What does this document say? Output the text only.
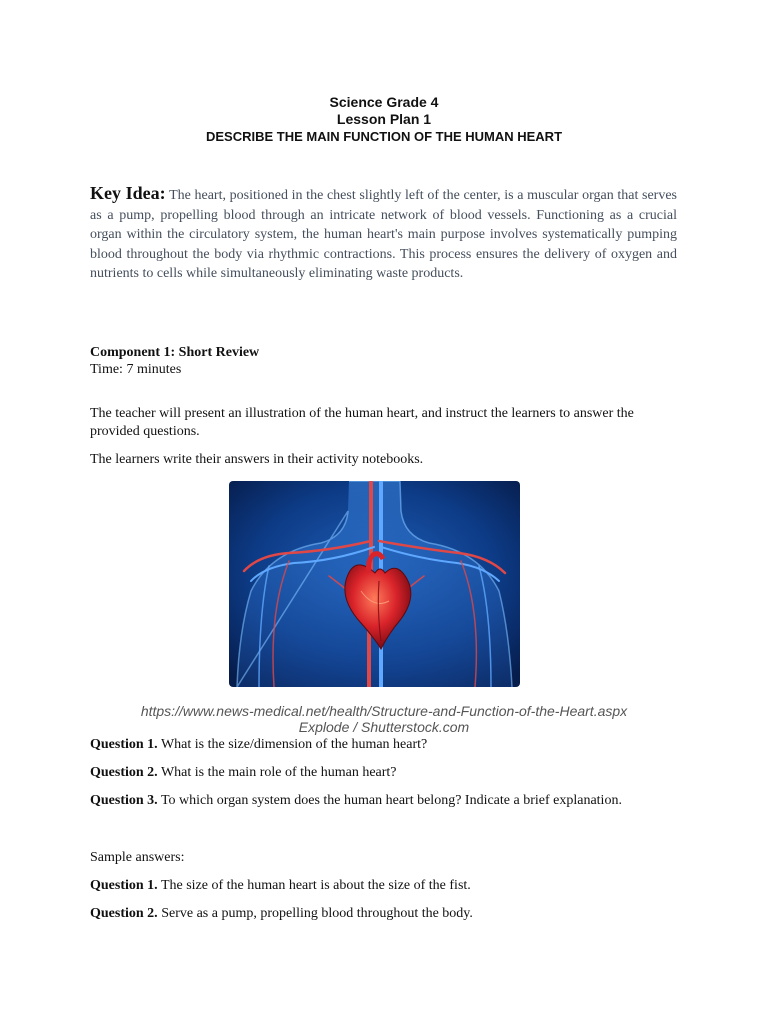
Science Grade 4
Lesson Plan 1
DESCRIBE THE MAIN FUNCTION OF THE HUMAN HEART
Key Idea: The heart, positioned in the chest slightly left of the center, is a muscular organ that serves as a pump, propelling blood through an intricate network of blood vessels. Functioning as a crucial organ within the circulatory system, the human heart's main purpose involves systematically pumping blood throughout the body via rhythmic contractions. This process ensures the delivery of oxygen and nutrients to cells while simultaneously eliminating waste products.
Component 1: Short Review
Time: 7 minutes
The teacher will present an illustration of the human heart, and instruct the learners to answer the provided questions.
The learners write their answers in their activity notebooks.
https://www.news-medical.net/health/Structure-and-Function-of-the-Heart.aspx
Explode / Shutterstock.com
Question 1. What is the size/dimension of the human heart?
Question 2. What is the main role of the human heart?
Question 3. To which organ system does the human heart belong? Indicate a brief explanation.
Sample answers:
Question 1. The size of the human heart is about the size of the fist.
Question 2. Serve as a pump, propelling blood throughout the body.
